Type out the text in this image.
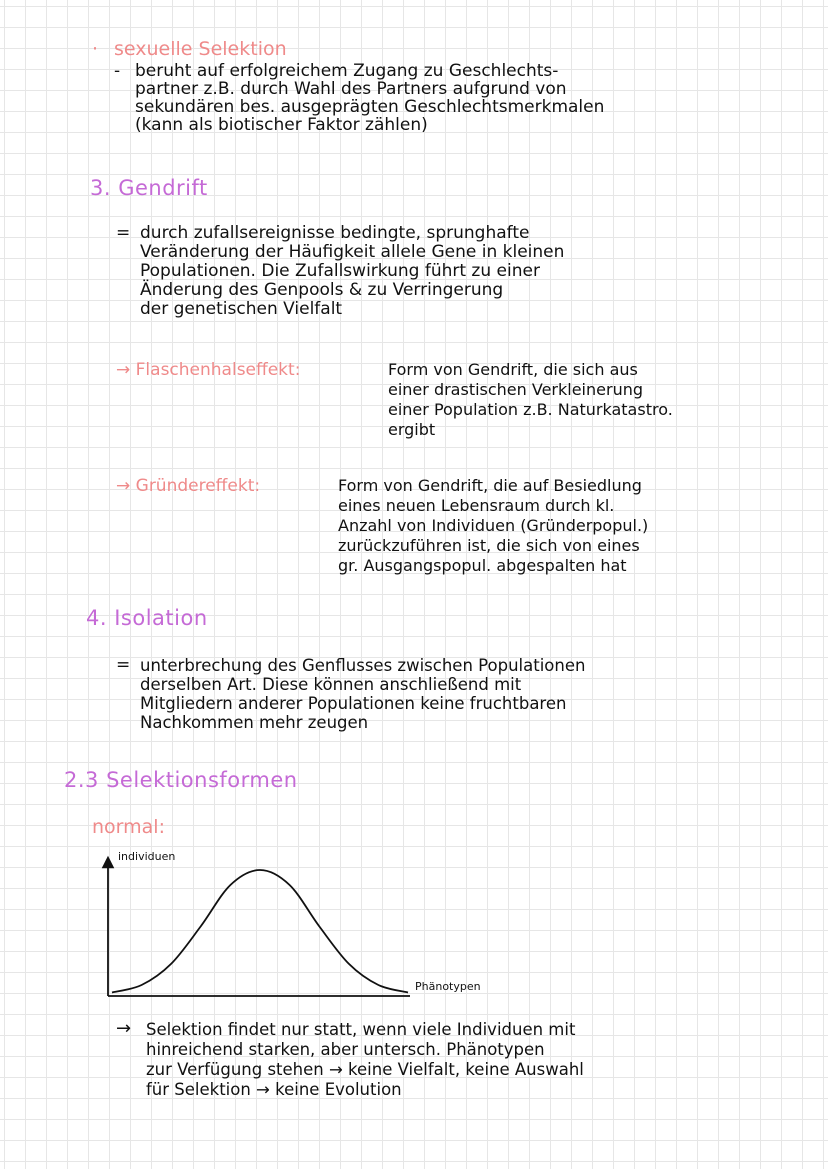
· sexuelle Selektion
- beruht auf erfolgreichem Zugang zu Geschlechts-
partner z.B. durch Wahl des Partners aufgrund von
sekundären bes. ausgeprägten Geschlechtsmerkmalen
(kann als biotischer Faktor zählen)
3. Gendrift
= durch zufallsereignisse bedingte, sprunghafte
Veränderung der Häufigkeit allele Gene in kleinen
Populationen. Die Zufallswirkung führt zu einer
Änderung des Genpools & zu Verringerung
der genetischen Vielfalt
→ Flaschenhalseffekt:	Form von Gendrift, die sich aus
einer drastischen Verkleinerung
einer Population z.B. Naturkatastro.
ergibt
→ Gründereffekt:	Form von Gendrift, die auf Besiedlung
eines neuen Lebensraum durch kl.
Anzahl von Individuen (Gründerpopul.)
zurückzuführen ist, die sich von eines
gr. Ausgangspopul. abgespalten hat
4. Isolation
= unterbrechung des Genflusses zwischen Populationen
derselben Art. Diese können anschließend mit
Mitgliedern anderer Populationen keine fruchtbaren
Nachkommen mehr zeugen
2.3 Selektionsformen
normal:
individuen
Phänotypen
→ Selektion findet nur statt, wenn viele Individuen mit
hinreichend starken, aber untersch. Phänotypen
zur Verfügung stehen → keine Vielfalt, keine Auswahl
für Selektion → keine Evolution
